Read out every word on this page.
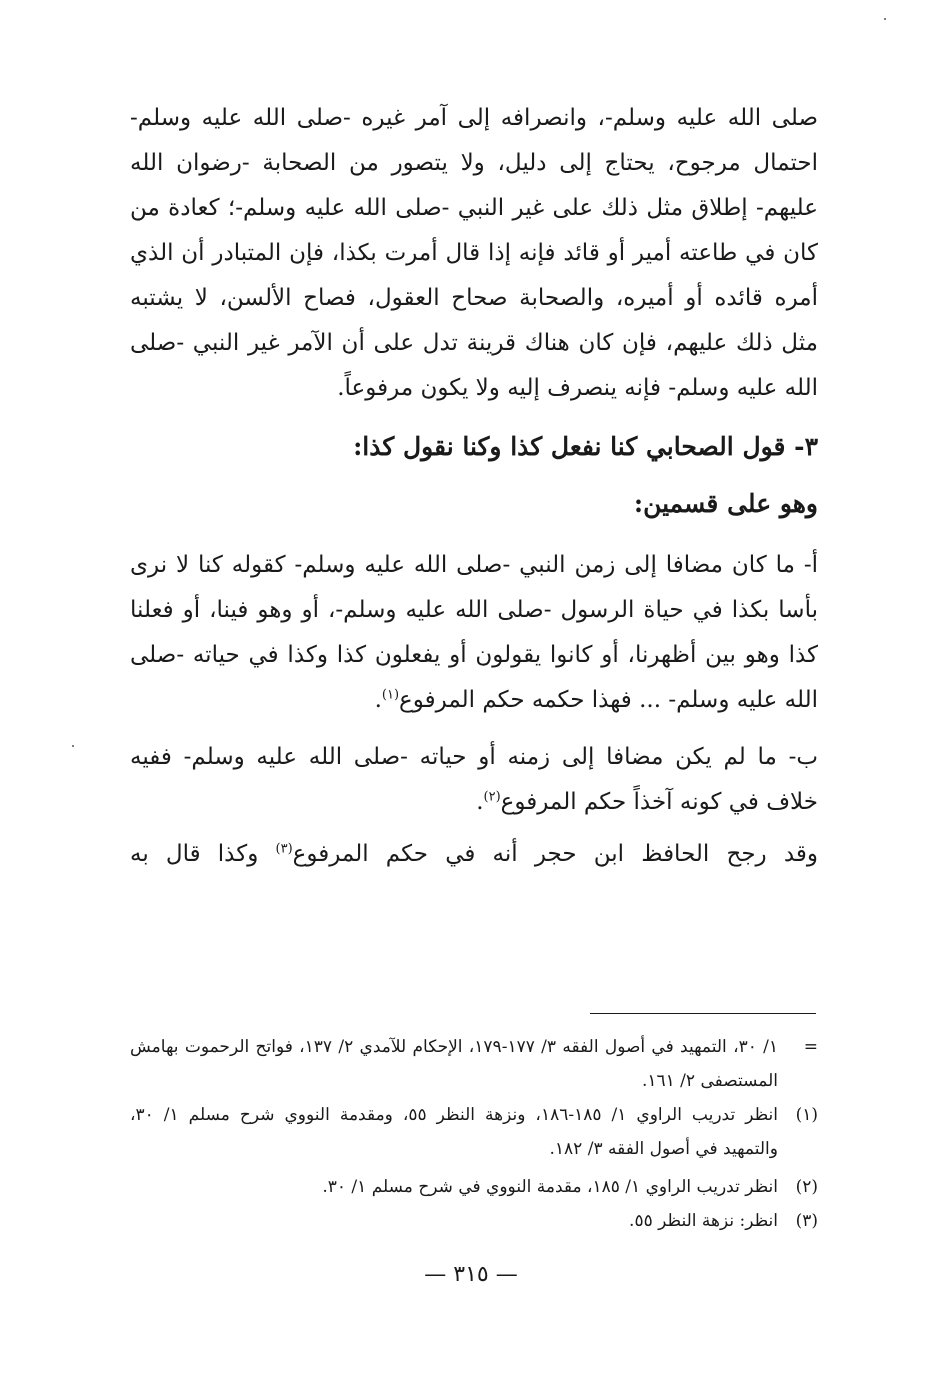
صلى الله عليه وسلم-، وانصرافه إلى آمر غيره -صلى الله عليه وسلم- احتمال مرجوح، يحتاج إلى دليل، ولا يتصور من الصحابة -رضوان الله عليهم- إطلاق مثل ذلك على غير النبي -صلى الله عليه وسلم-؛ كعادة من كان في طاعته أمير أو قائد فإنه إذا قال أمرت بكذا، فإن المتبادر أن الذي أمره قائده أو أميره، والصحابة صحاح العقول، فصاح الألسن، لا يشتبه مثل ذلك عليهم، فإن كان هناك قرينة تدل على أن الآمر غير النبي -صلى الله عليه وسلم- فإنه ينصرف إليه ولا يكون مرفوعاً.
٣- قول الصحابي كنا نفعل كذا وكنا نقول كذا:
وهو على قسمين:
أ- ما كان مضافا إلى زمن النبي -صلى الله عليه وسلم- كقوله كنا لا نرى بأسا بكذا في حياة الرسول -صلى الله عليه وسلم-، أو وهو فينا، أو فعلنا كذا وهو بين أظهرنا، أو كانوا يقولون أو يفعلون كذا وكذا في حياته -صلى الله عليه وسلم- ... فهذا حكمه حكم المرفوع$^{(١)}$.
ب- ما لم يكن مضافا إلى زمنه أو حياته -صلى الله عليه وسلم- ففيه خلاف في كونه آخذاً حكم المرفوع$^{(٢)}$.
وقد رجح الحافظ ابن حجر أنه في حكم المرفوع$^{(٣)}$ وكذا قال به
=
١/ ٣٠، التمهيد في أصول الفقه ٣/ ١٧٧-١٧٩، الإحكام للآمدي ٢/ ١٣٧، فواتح الرحموت بهامش المستصفى ٢/ ١٦١.
(١)
انظر تدريب الراوي ١/ ١٨٥-١٨٦، ونزهة النظر ٥٥، ومقدمة النووي شرح مسلم ١/ ٣٠، والتمهيد في أصول الفقه ٣/ ١٨٢.
(٢)
انظر تدريب الراوي ١/ ١٨٥، مقدمة النووي في شرح مسلم ١/ ٣٠.
(٣)
انظر: نزهة النظر ٥٥.
— ٣١٥ —
